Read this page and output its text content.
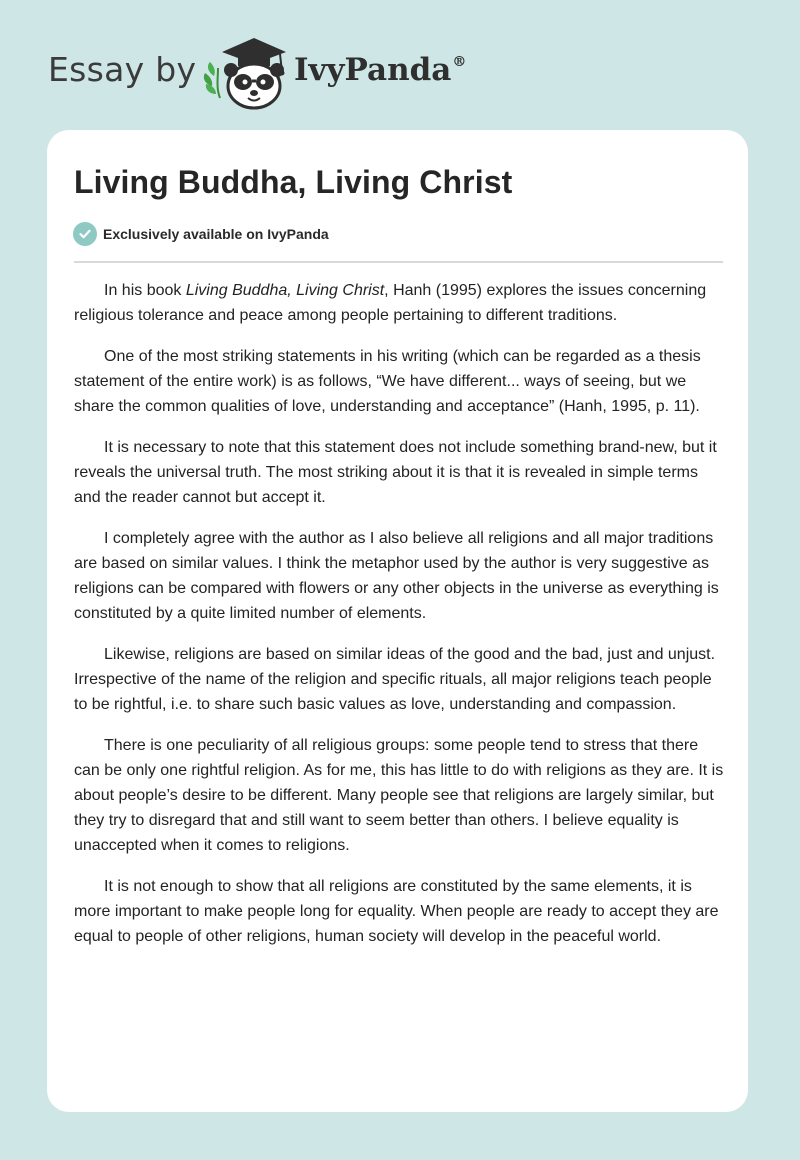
Essay by	IvyPanda®
Living Buddha, Living Christ
Exclusively available on IvyPanda

In his book Living Buddha, Living Christ, Hanh (1995) explores the issues concerning religious tolerance and peace among people pertaining to different traditions.

One of the most striking statements in his writing (which can be regarded as a thesis statement of the entire work) is as follows, “We have different... ways of seeing, but we share the common qualities of love, understanding and acceptance” (Hanh, 1995, p. 11).

It is necessary to note that this statement does not include something brand-new, but it reveals the universal truth. The most striking about it is that it is revealed in simple terms and the reader cannot but accept it.

I completely agree with the author as I also believe all religions and all major traditions are based on similar values. I think the metaphor used by the author is very suggestive as religions can be compared with flowers or any other objects in the universe as everything is constituted by a quite limited number of elements.

Likewise, religions are based on similar ideas of the good and the bad, just and unjust. Irrespective of the name of the religion and specific rituals, all major religions teach people to be rightful, i.e. to share such basic values as love, understanding and compassion.

There is one peculiarity of all religious groups: some people tend to stress that there can be only one rightful religion. As for me, this has little to do with religions as they are. It is about people’s desire to be different. Many people see that religions are largely similar, but they try to disregard that and still want to seem better than others. I believe equality is unaccepted when it comes to religions.

It is not enough to show that all religions are constituted by the same elements, it is more important to make people long for equality. When people are ready to accept they are equal to people of other religions, human society will develop in the peaceful world.
